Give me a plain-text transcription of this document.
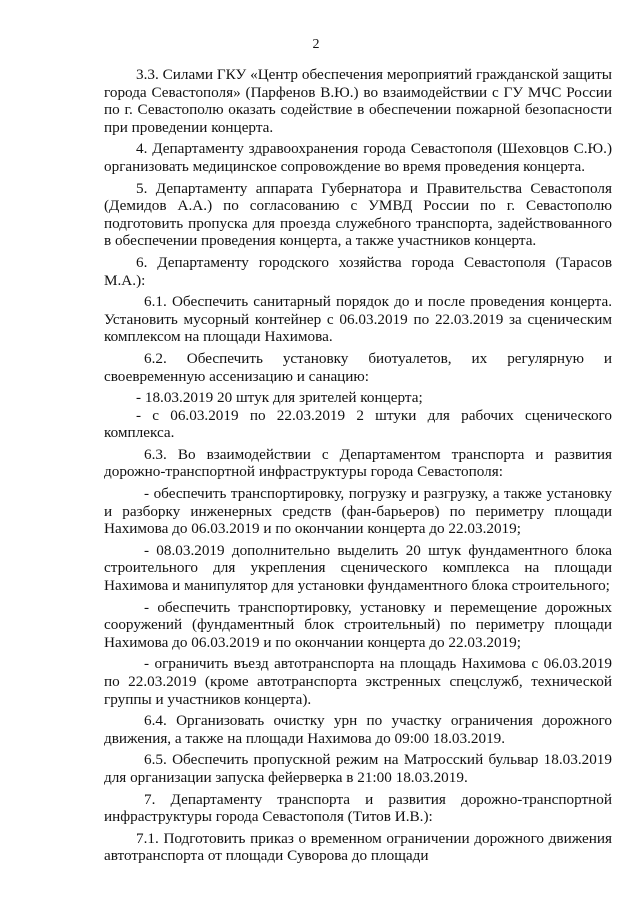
2

3.3. Силами ГКУ «Центр обеспечения мероприятий гражданской защиты города Севастополя» (Парфенов В.Ю.) во взаимодействии с ГУ МЧС России по г. Севастополю оказать содействие в обеспечении пожарной безопасности при проведении концерта.

4. Департаменту здравоохранения города Севастополя (Шеховцов С.Ю.) организовать медицинское сопровождение во время проведения концерта.

5. Департаменту аппарата Губернатора и Правительства Севастополя (Демидов А.А.) по согласованию с УМВД России по г. Севастополю подготовить пропуска для проезда служебного транспорта, задействованного в обеспечении проведения концерта, а также участников концерта.

6. Департаменту городского хозяйства города Севастополя (Тарасов М.А.):

6.1. Обеспечить санитарный порядок до и после проведения концерта. Установить мусорный контейнер с 06.03.2019 по 22.03.2019 за сценическим комплексом на площади Нахимова.

6.2. Обеспечить установку биотуалетов, их регулярную и своевременную ассенизацию и санацию:

- 18.03.2019 20 штук для зрителей концерта;

- с 06.03.2019 по 22.03.2019 2 штуки для рабочих сценического комплекса.

6.3. Во взаимодействии с Департаментом транспорта и развития дорожно-транспортной инфраструктуры города Севастополя:

- обеспечить транспортировку, погрузку и разгрузку, а также установку и разборку инженерных средств (фан-барьеров) по периметру площади Нахимова до 06.03.2019 и по окончании концерта до 22.03.2019;

- 08.03.2019 дополнительно выделить 20 штук фундаментного блока строительного для укрепления сценического комплекса на площади Нахимова и манипулятор для установки фундаментного блока строительного;

- обеспечить транспортировку, установку и перемещение дорожных сооружений (фундаментный блок строительный) по периметру площади Нахимова до 06.03.2019 и по окончании концерта до 22.03.2019;

- ограничить въезд автотранспорта на площадь Нахимова с 06.03.2019 по 22.03.2019 (кроме автотранспорта экстренных спецслужб, технической группы и участников концерта).

6.4. Организовать очистку урн по участку ограничения дорожного движения, а также на площади Нахимова до 09:00 18.03.2019.

6.5. Обеспечить пропускной режим на Матросский бульвар 18.03.2019 для организации запуска фейерверка в 21:00 18.03.2019.

7. Департаменту транспорта и развития дорожно-транспортной инфраструктуры города Севастополя (Титов И.В.):

7.1. Подготовить приказ о временном ограничении дорожного движения автотранспорта от площади Суворова до площади
